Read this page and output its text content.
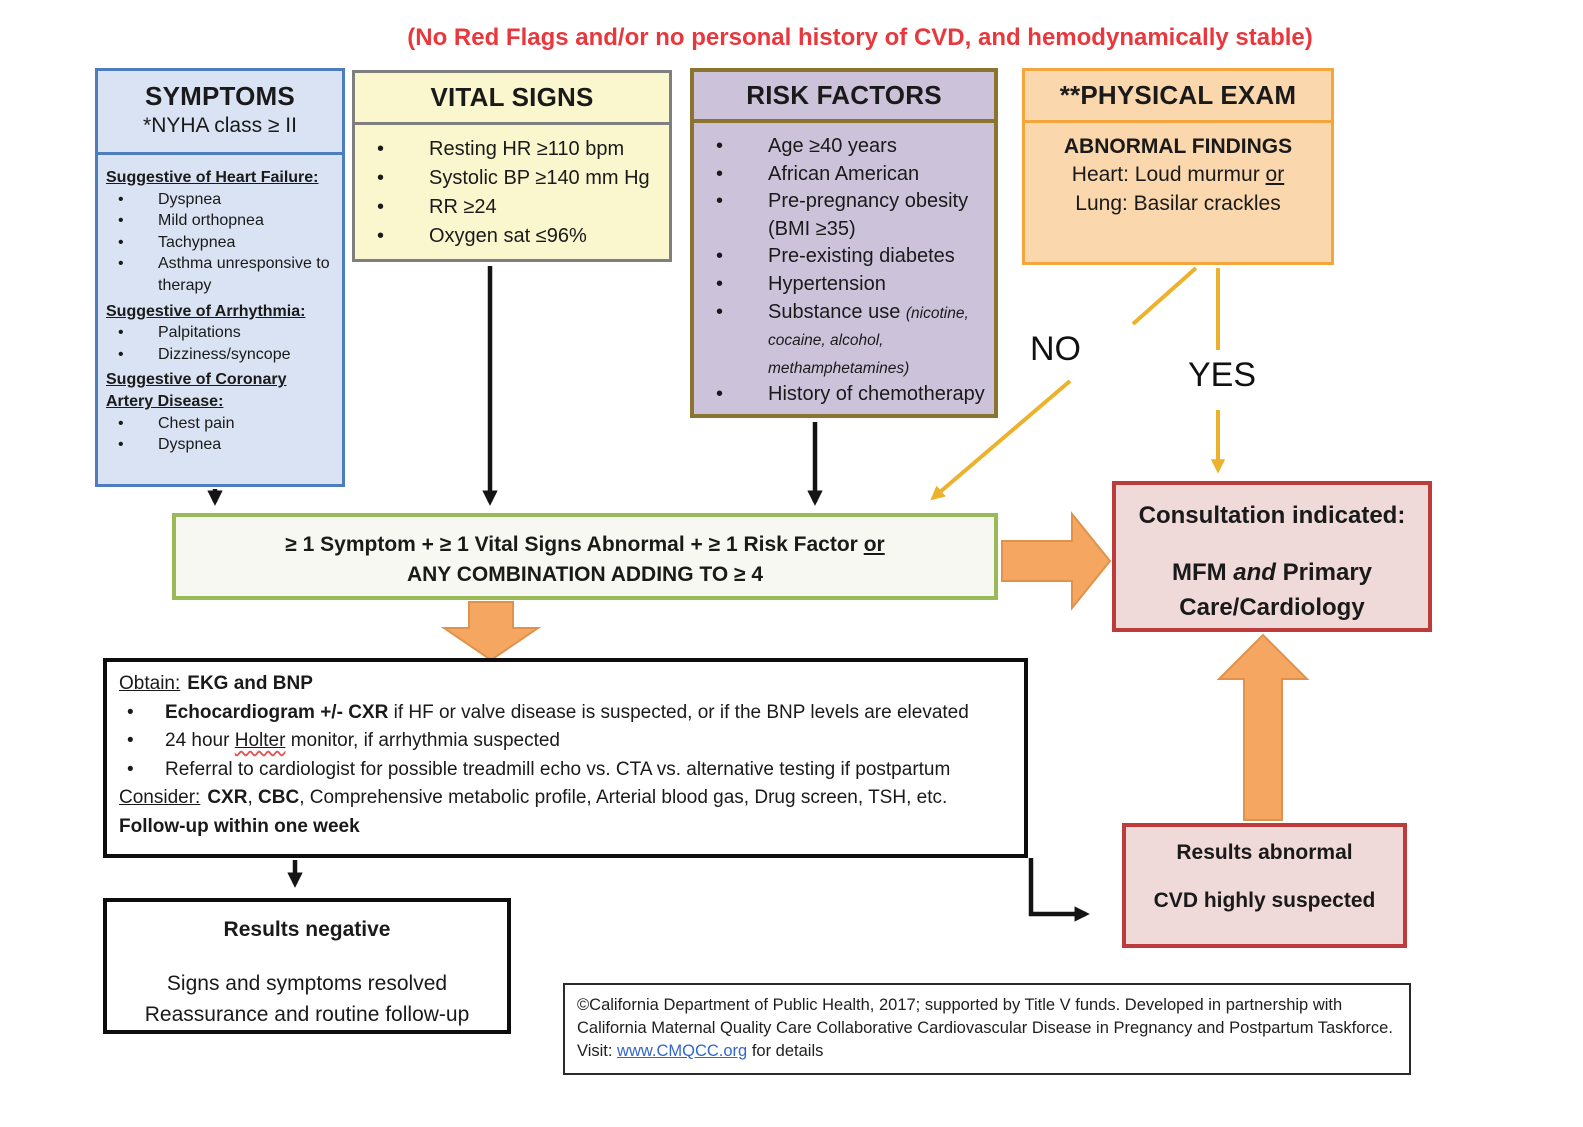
(No Red Flags and/or no personal history of CVD, and hemodynamically stable)
SYMPTOMS
*NYHA class ≥ II
Suggestive of Heart Failure:
• Dyspnea
• Mild orthopnea
• Tachypnea
• Asthma unresponsive to therapy
Suggestive of Arrhythmia:
• Palpitations
• Dizziness/syncope
Suggestive of Coronary Artery Disease:
• Chest pain
• Dyspnea
VITAL SIGNS
• Resting HR ≥110 bpm
• Systolic BP ≥140 mm Hg
• RR ≥24
• Oxygen sat ≤96%
RISK FACTORS
• Age ≥40 years
• African American
• Pre-pregnancy obesity (BMI ≥35)
• Pre-existing diabetes
• Hypertension
• Substance use (nicotine, cocaine, alcohol, methamphetamines)
• History of chemotherapy
**PHYSICAL EXAM
ABNORMAL FINDINGS
Heart: Loud murmur or
Lung: Basilar crackles
NO
YES
≥ 1 Symptom + ≥ 1 Vital Signs Abnormal + ≥ 1 Risk Factor or
ANY COMBINATION ADDING TO ≥ 4
Consultation indicated:
MFM and Primary Care/Cardiology
Obtain: EKG and BNP
• Echocardiogram +/- CXR if HF or valve disease is suspected, or if the BNP levels are elevated
• 24 hour Holter monitor, if arrhythmia suspected
• Referral to cardiologist for possible treadmill echo vs. CTA vs. alternative testing if postpartum
Consider: CXR, CBC, Comprehensive metabolic profile, Arterial blood gas, Drug screen, TSH, etc.
Follow-up within one week
Results negative
Signs and symptoms resolved
Reassurance and routine follow-up
Results abnormal
CVD highly suspected
©California Department of Public Health, 2017; supported by Title V funds. Developed in partnership with California Maternal Quality Care Collaborative Cardiovascular Disease in Pregnancy and Postpartum Taskforce. Visit: www.CMQCC.org for details
